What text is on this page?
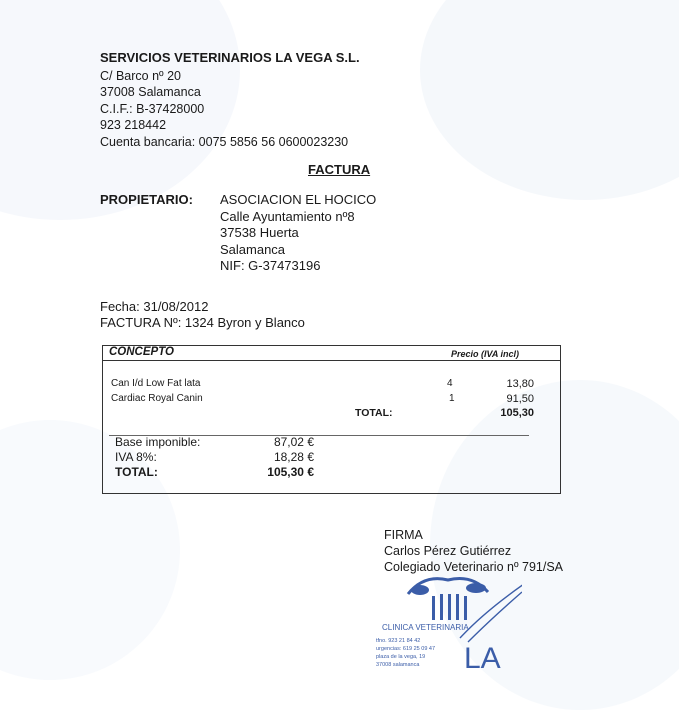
SERVICIOS VETERINARIOS LA VEGA S.L.
C/ Barco nº 20
37008 Salamanca
C.I.F.: B-37428000
923 218442
Cuenta bancaria: 0075 5856 56 0600023230
FACTURA
PROPIETARIO: ASOCIACION EL HOCICO
Calle Ayuntamiento nº8
37538 Huerta
Salamanca
NIF: G-37473196
Fecha: 31/08/2012
FACTURA Nº: 1324 Byron y Blanco
CONCEPTO	Precio (IVA incl)
Can I/d Low Fat lata	4	13,80
Cardiac Royal Canin	1	91,50
TOTAL:	105,30
Base imponible:	87,02 €
IVA 8%:	18,28 €
TOTAL:	105,30 €
FIRMA
Carlos Pérez Gutiérrez
Colegiado Veterinario nº 791/SA
CLINICA VETERINARIA
tfno. 923 21 84 42
urgencias: 619 25 09 47
plaza de la vega, 19
37008 salamanca LA
